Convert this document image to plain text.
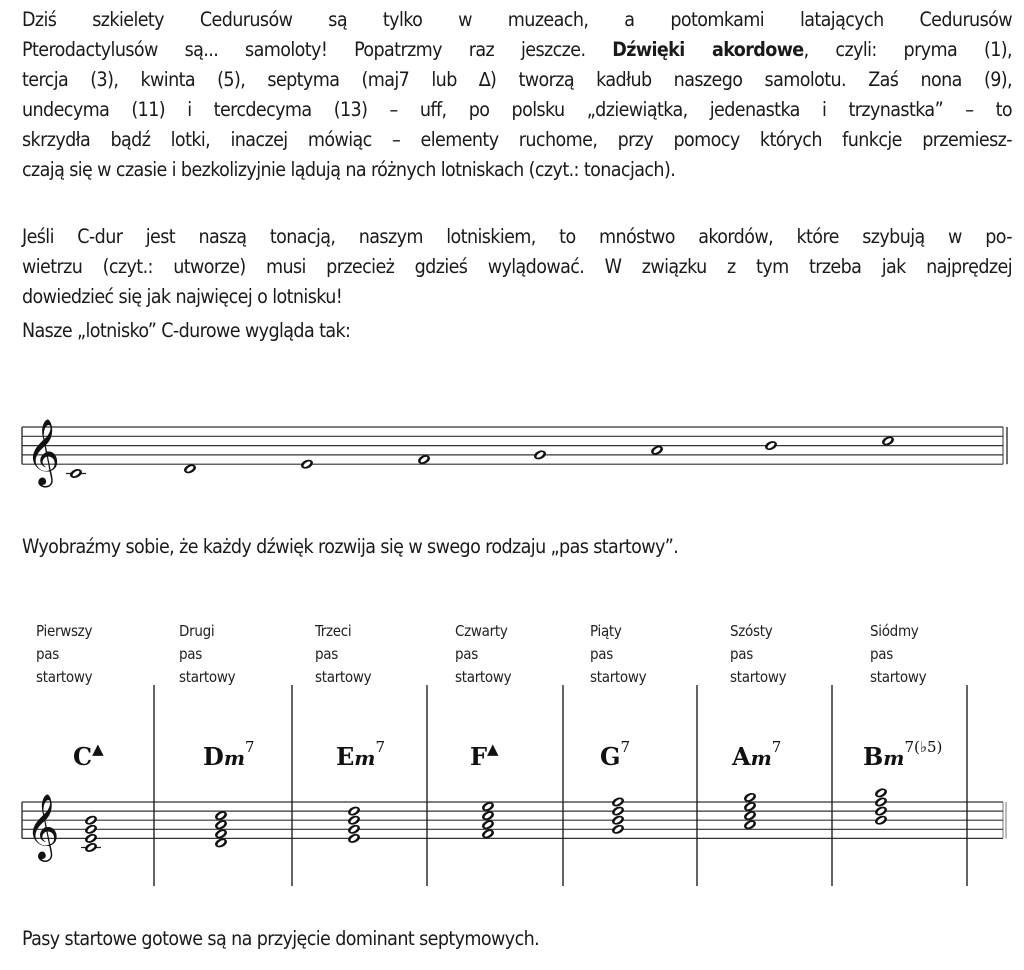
Dziś szkielety Cedurusów są tylko w muzeach, a potomkami latających Cedurusów
Pterodactylusów są... samoloty! Popatrzmy raz jeszcze. Dźwięki akordowe, czyli: pryma (1),
tercja (3), kwinta (5), septyma (maj7 lub ∆) tworzą kadłub naszego samolotu. Zaś nona (9),
undecyma (11) i tercdecyma (13) – uff, po polsku „dziewiątka, jedenastka i trzynastka” – to
skrzydła bądź lotki, inaczej mówiąc – elementy ruchome, przy pomocy których funkcje przemiesz-
czają się w czasie i bezkolizyjnie lądują na różnych lotniskach (czyt.: tonacjach).
Jeśli C-dur jest naszą tonacją, naszym lotniskiem, to mnóstwo akordów, które szybują w po-
wietrzu (czyt.: utworze) musi przecież gdzieś wylądować. W związku z tym trzeba jak najprędzej
dowiedzieć się jak najwięcej o lotnisku!
Nasze „lotnisko” C-durowe wygląda tak:
𝄞
𝄞
Wyobraźmy sobie, że każdy dźwięk rozwija się w swego rodzaju „pas startowy”.
Pierwszy
pas
startowy
Drugi
pas
startowy
Trzeci
pas
startowy
Czwarty
pas
startowy
Piąty
pas
startowy
Szósty
pas
startowy
Siódmy
pas
startowy
C▲	Dm$^7$	Em$^7$	F▲	$G^7$	Am$^7$	$Bm^{7(♭5)}$
Pasy startowe gotowe są na przyjęcie dominant septymowych.
